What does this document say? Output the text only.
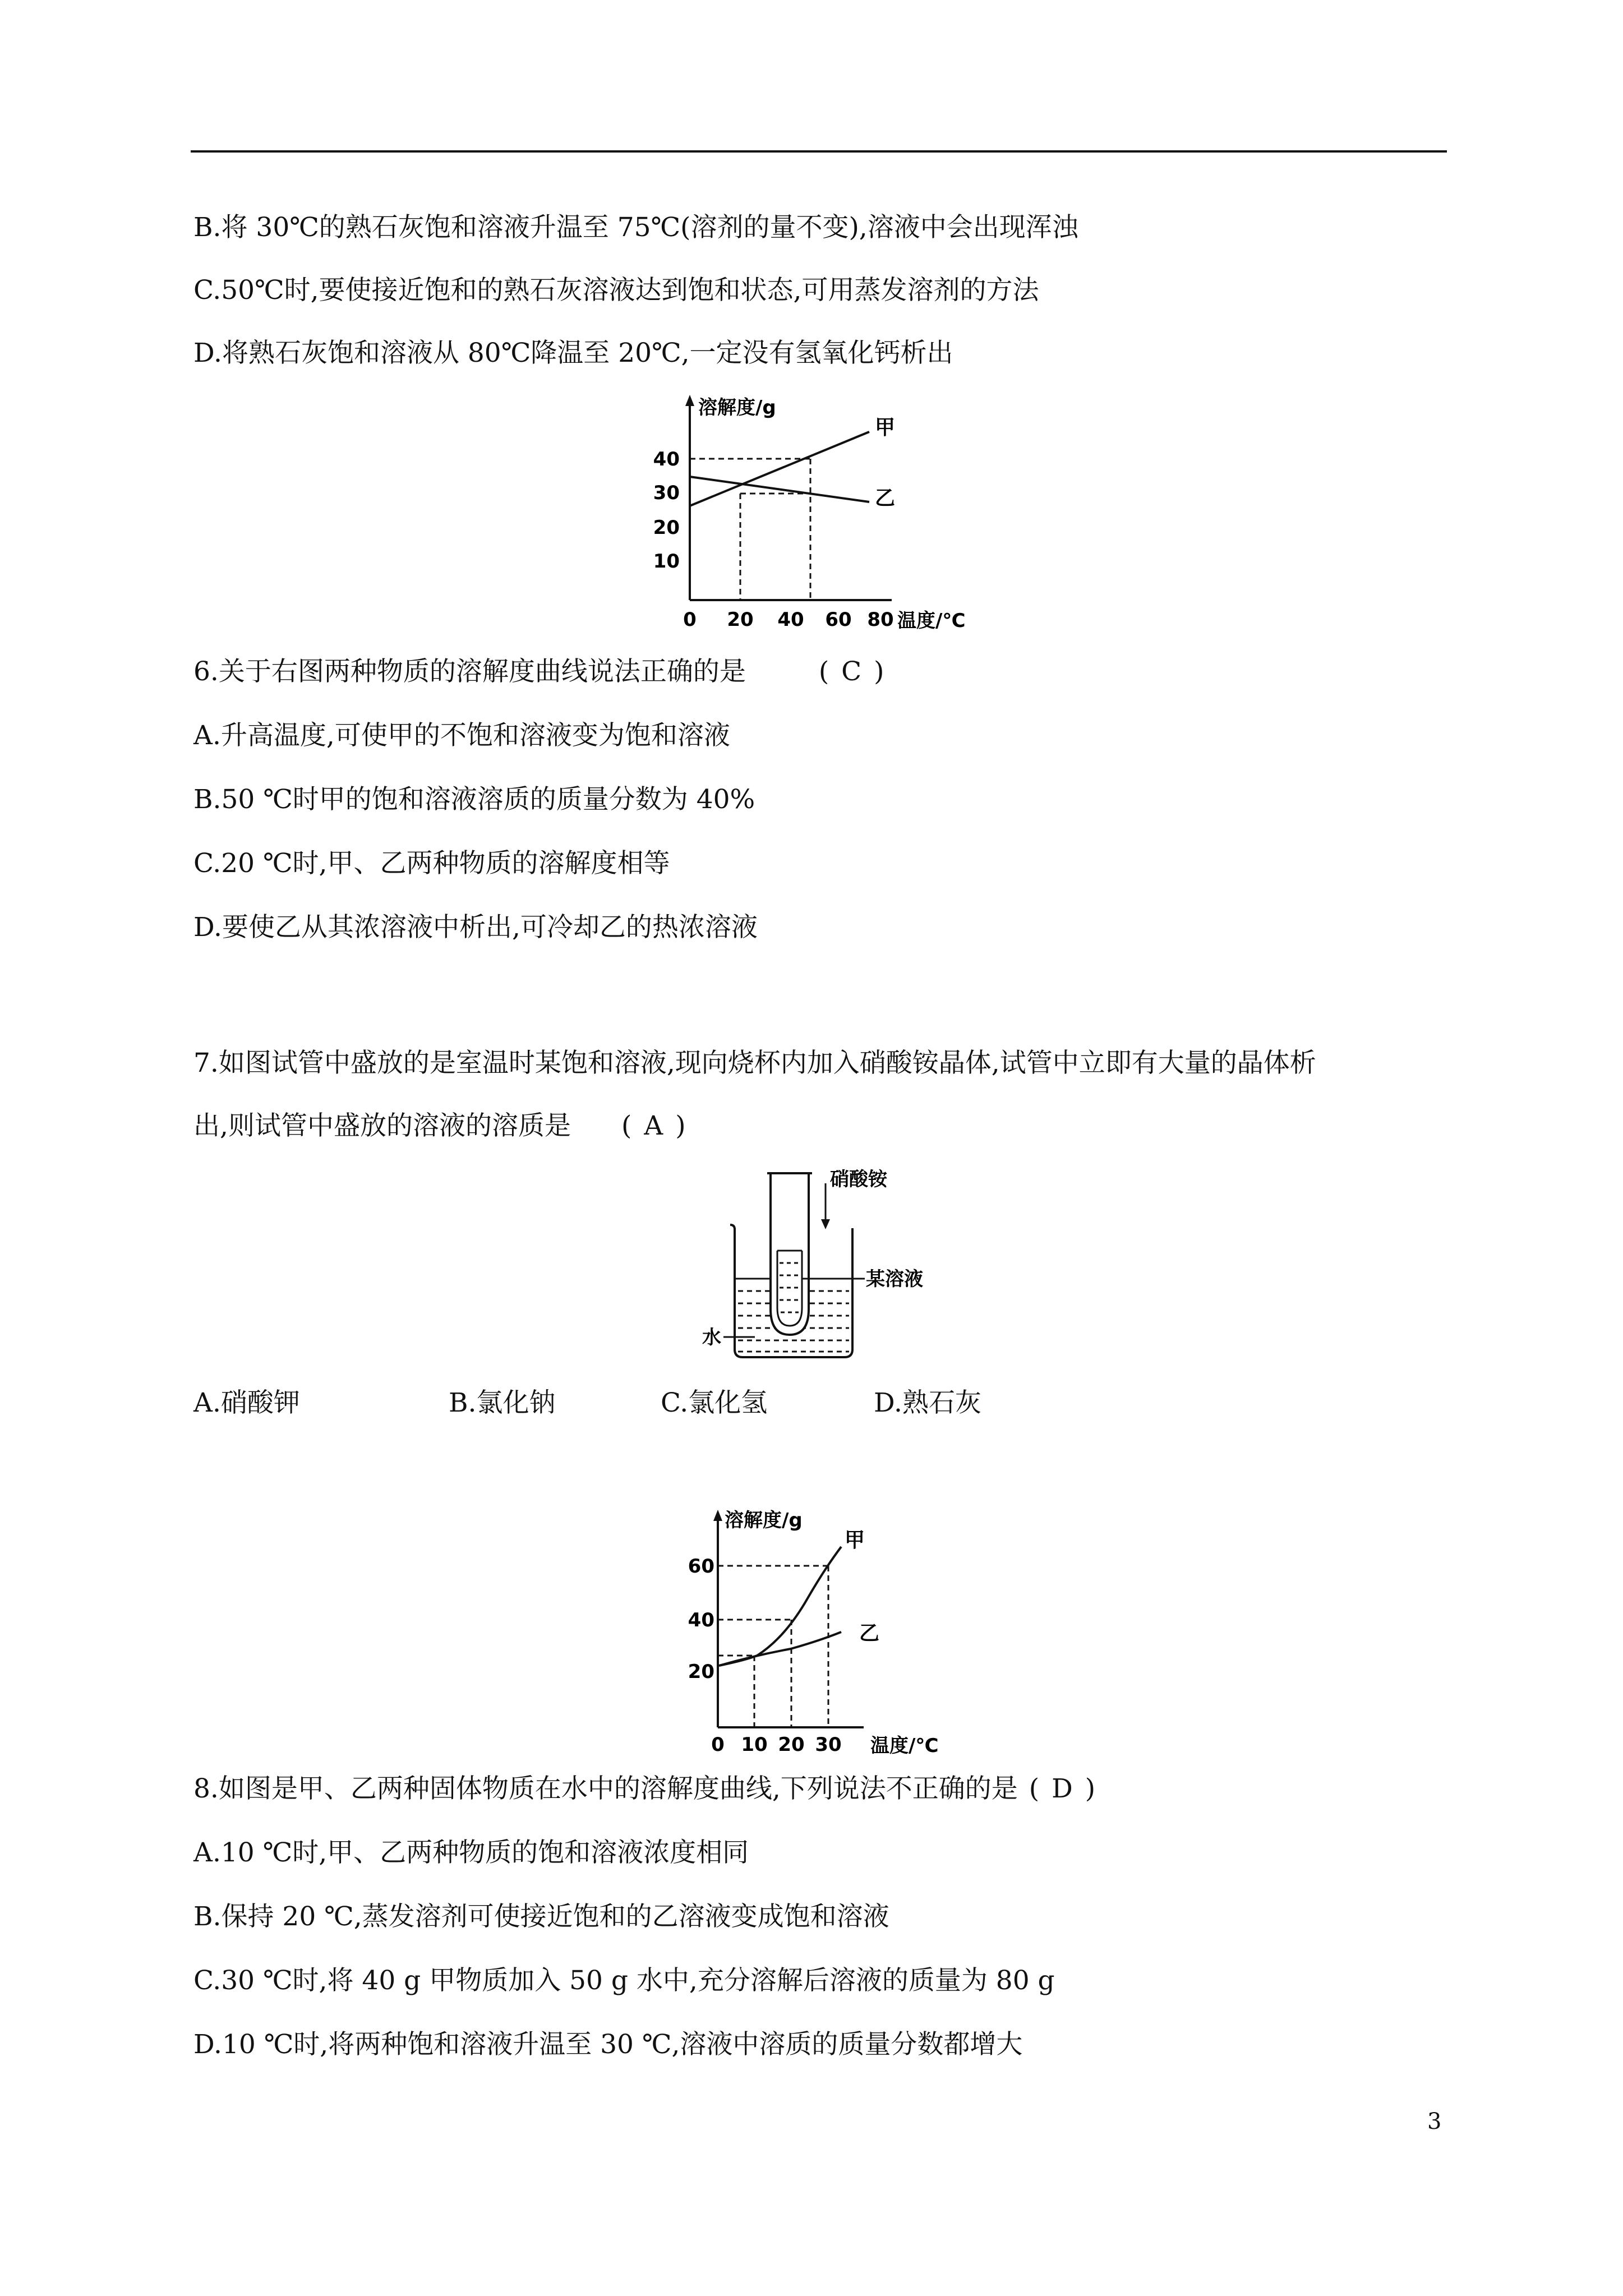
B.将 30℃的熟石灰饱和溶液升温至 75℃(溶剂的量不变),溶液中会出现浑浊
C.50℃时,要使接近饱和的熟石灰溶液达到饱和状态,可用蒸发溶剂的方法
D.将熟石灰饱和溶液从 80℃降温至 20℃,一定没有氢氧化钙析出
溶解度/g
甲
乙
40
30
20
10
0 20 40 60 80 温度/℃
6.关于右图两种物质的溶解度曲线说法正确的是	(C)
A.升高温度,可使甲的不饱和溶液变为饱和溶液
B.50 ℃时甲的饱和溶液溶质的质量分数为 40%
C.20 ℃时,甲、乙两种物质的溶解度相等
D.要使乙从其浓溶液中析出,可冷却乙的热浓溶液
7.如图试管中盛放的是室温时某饱和溶液,现向烧杯内加入硝酸铵晶体,试管中立即有大量的晶体析
出,则试管中盛放的溶液的溶质是 (A)
硝酸铵
某溶液
水
A.硝酸钾	B.氯化钠	C.氯化氢	D.熟石灰
溶解度/g
甲
乙
60
40
20
0 10 20 30 温度/℃
8.如图是甲、乙两种固体物质在水中的溶解度曲线,下列说法不正确的是 (D)
A.10 ℃时,甲、乙两种物质的饱和溶液浓度相同
B.保持 20 ℃,蒸发溶剂可使接近饱和的乙溶液变成饱和溶液
C.30 ℃时,将 40 g 甲物质加入 50 g 水中,充分溶解后溶液的质量为 80 g
D.10 ℃时,将两种饱和溶液升温至 30 ℃,溶液中溶质的质量分数都增大
3
